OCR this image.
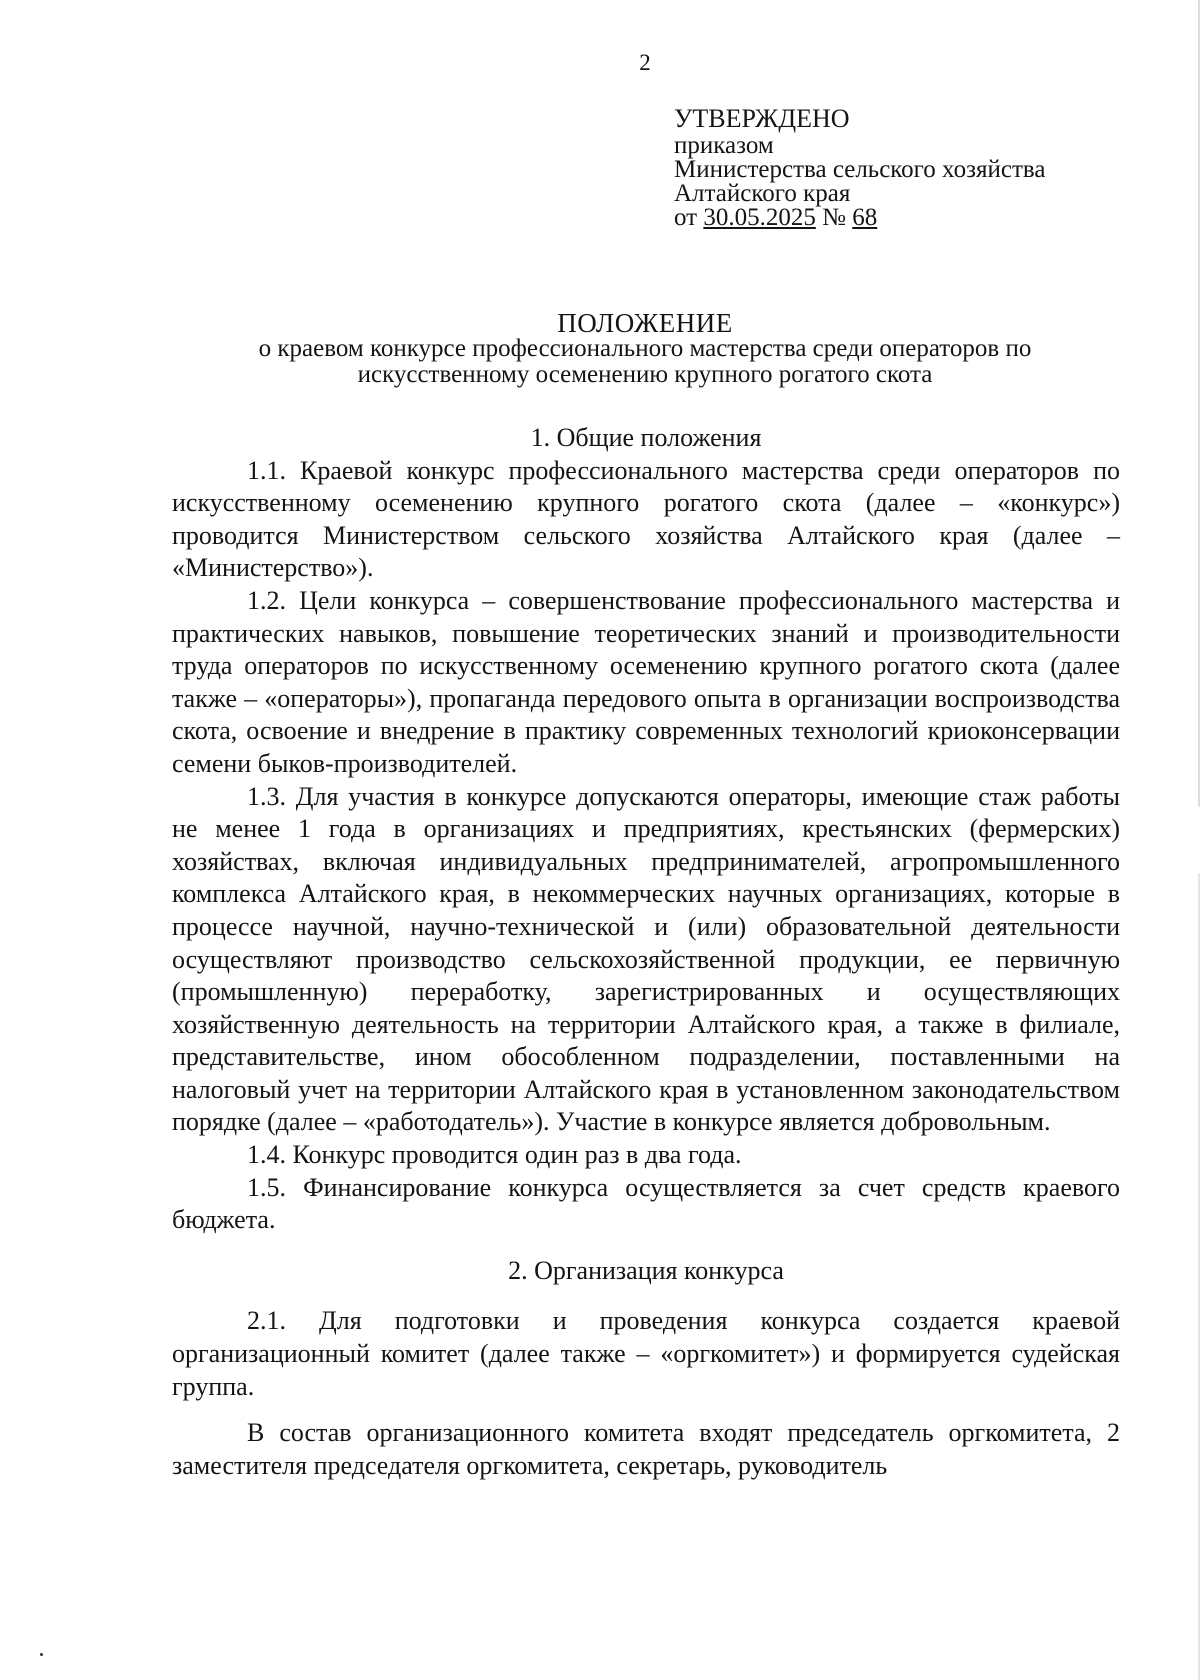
2
УТВЕРЖДЕНО
приказом
Министерства сельского хозяйства
Алтайского края
от 30.05.2025 № 68
ПОЛОЖЕНИЕ
о краевом конкурсе профессионального мастерства среди операторов по искусственному осеменению крупного рогатого скота

1. Общие положения

1.1. Краевой конкурс профессионального мастерства среди операторов по искусственному осеменению крупного рогатого скота (далее – «конкурс») проводится Министерством сельского хозяйства Алтайского края (далее – «Министерство»).

1.2. Цели конкурса – совершенствование профессионального мастерства и практических навыков, повышение теоретических знаний и производительности труда операторов по искусственному осеменению крупного рогатого скота (далее также – «операторы»), пропаганда передового опыта в организации воспроизводства скота, освоение и внедрение в практику современных технологий криоконсервации семени быков-производителей.

1.3. Для участия в конкурсе допускаются операторы, имеющие стаж работы не менее 1 года в организациях и предприятиях, крестьянских (фермерских) хозяйствах, включая индивидуальных предпринимателей, агропромышленного комплекса Алтайского края, в некоммерческих научных организациях, которые в процессе научной, научно-технической и (или) образовательной деятельности осуществляют производство сельскохозяйственной продукции, ее первичную (промышленную) переработку, зарегистрированных и осуществляющих хозяйственную деятельность на территории Алтайского края, а также в филиале, представительстве, ином обособленном подразделении, поставленными на налоговый учет на территории Алтайского края в установленном законодательством порядке (далее – «работодатель»). Участие в конкурсе является добровольным.

1.4. Конкурс проводится один раз в два года.

1.5. Финансирование конкурса осуществляется за счет средств краевого бюджета.

2. Организация конкурса

2.1. Для подготовки и проведения конкурса создается краевой организационный комитет (далее также – «оргкомитет») и формируется судейская группа.

В состав организационного комитета входят председатель оргкомитета, 2 заместителя председателя оргкомитета, секретарь, руководитель
